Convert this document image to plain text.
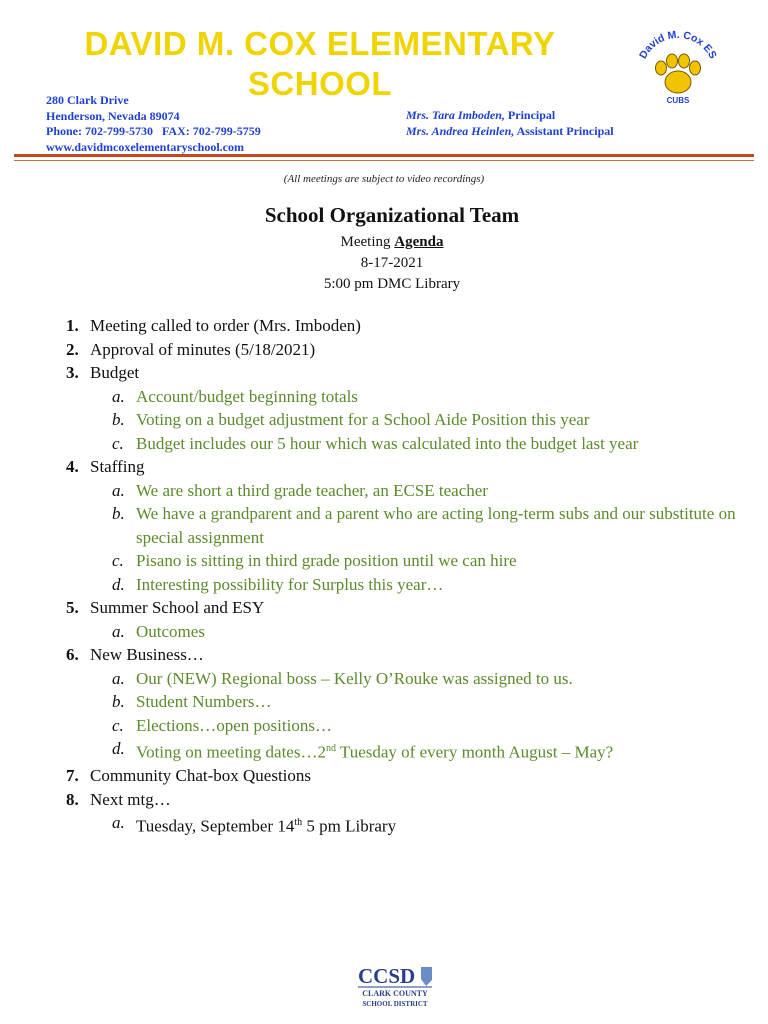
DAVID M. COX ELEMENTARY
SCHOOL
280 Clark Drive
Henderson, Nevada 89074
Phone: 702-799-5730   FAX: 702-799-5759
www.davidmcoxelementaryschool.com
Mrs. Tara Imboden, Principal
Mrs. Andrea Heinlen, Assistant Principal
David M. Cox ES
CUBS
(All meetings are subject to video recordings)
School Organizational Team
Meeting Agenda
8-17-2021
5:00 pm DMC Library
1. Meeting called to order (Mrs. Imboden)
2. Approval of minutes (5/18/2021)
3. Budget
a. Account/budget beginning totals
b. Voting on a budget adjustment for a School Aide Position this year
c. Budget includes our 5 hour which was calculated into the budget last year
4. Staffing
a. We are short a third grade teacher, an ECSE teacher
b. We have a grandparent and a parent who are acting long-term subs and our substitute on special assignment
c. Pisano is sitting in third grade position until we can hire
d. Interesting possibility for Surplus this year…
5. Summer School and ESY
a. Outcomes
6. New Business…
a. Our (NEW) Regional boss – Kelly O’Rouke was assigned to us.
b. Student Numbers…
c. Elections…open positions…
d. Voting on meeting dates…2nd Tuesday of every month August – May?
7. Community Chat-box Questions
8. Next mtg…
a. Tuesday, September 14th 5 pm Library
CCSD
CLARK COUNTY
SCHOOL DISTRICT
